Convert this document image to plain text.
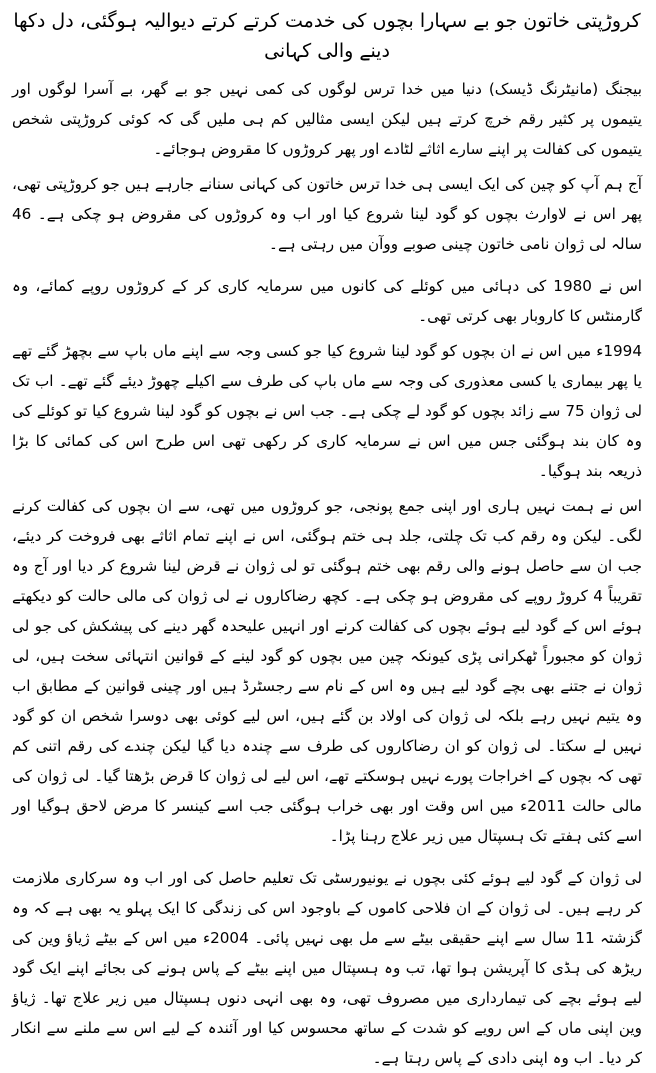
کروڑپتی خاتون جو بے سہارا بچوں کی خدمت کرتے کرتے دیوالیہ ہوگئی، دل دکھا دینے والی کہانی

بیجنگ (مانیٹرنگ ڈیسک) دنیا میں خدا ترس لوگوں کی کمی نہیں جو بے گھر، بے آسرا لوگوں اور یتیموں پر کثیر رقم خرچ کرتے ہیں لیکن ایسی مثالیں کم ہی ملیں گی کہ کوئی کروڑپتی شخص یتیموں کی کفالت پر اپنے سارے اثاثے لٹادے اور پھر کروڑوں کا مقروض ہوجائے۔

آج ہم آپ کو چین کی ایک ایسی ہی خدا ترس خاتون کی کہانی سنانے جارہے ہیں جو کروڑپتی تھی، پھر اس نے لاوارث بچوں کو گود لینا شروع کیا اور اب وہ کروڑوں کی مقروض ہو چکی ہے۔ 46 سالہ لی ژوان نامی خاتون چینی صوبے ووآن میں رہتی ہے۔

اس نے 1980 کی دہائی میں کوئلے کی کانوں میں سرمایہ کاری کر کے کروڑوں روپے کمائے، وہ گارمنٹس کا کاروبار بھی کرتی تھی۔

1994ء میں اس نے ان بچوں کو گود لینا شروع کیا جو کسی وجہ سے اپنے ماں باپ سے بچھڑ گئے تھے یا پھر بیماری یا کسی معذوری کی وجہ سے ماں باپ کی طرف سے اکیلے چھوڑ دیئے گئے تھے۔ اب تک لی ژوان 75 سے زائد بچوں کو گود لے چکی ہے۔ جب اس نے بچوں کو گود لینا شروع کیا تو کوئلے کی وہ کان بند ہوگئی جس میں اس نے سرمایہ کاری کر رکھی تھی اس طرح اس کی کمائی کا بڑا ذریعہ بند ہوگیا۔

اس نے ہمت نہیں ہاری اور اپنی جمع پونجی، جو کروڑوں میں تھی، سے ان بچوں کی کفالت کرنے لگی۔ لیکن وہ رقم کب تک چلتی، جلد ہی ختم ہوگئی، اس نے اپنے تمام اثاثے بھی فروخت کر دیئے، جب ان سے حاصل ہونے والی رقم بھی ختم ہوگئی تو لی ژوان نے قرض لینا شروع کر دیا اور آج وہ تقریباً 4 کروڑ روپے کی مقروض ہو چکی ہے۔ کچھ رضاکاروں نے لی ژوان کی مالی حالت کو دیکھتے ہوئے اس کے گود لیے ہوئے بچوں کی کفالت کرنے اور انہیں علیحدہ گھر دینے کی پیشکش کی جو لی ژوان کو مجبوراً ٹھکرانی پڑی کیونکہ چین میں بچوں کو گود لینے کے قوانین انتہائی سخت ہیں، لی ژوان نے جتنے بھی بچے گود لیے ہیں وہ اس کے نام سے رجسٹرڈ ہیں اور چینی قوانین کے مطابق اب وہ یتیم نہیں رہے بلکہ لی ژوان کی اولاد بن گئے ہیں، اس لیے کوئی بھی دوسرا شخص ان کو گود نہیں لے سکتا۔ لی ژوان کو ان رضاکاروں کی طرف سے چندہ دیا گیا لیکن چندے کی رقم اتنی کم تھی کہ بچوں کے اخراجات پورے نہیں ہوسکتے تھے، اس لیے لی ژوان کا قرض بڑھتا گیا۔ لی ژوان کی مالی حالت 2011ء میں اس وقت اور بھی خراب ہوگئی جب اسے کینسر کا مرض لاحق ہوگیا اور اسے کئی ہفتے تک ہسپتال میں زیر علاج رہنا پڑا۔

لی ژوان کے گود لیے ہوئے کئی بچوں نے یونیورسٹی تک تعلیم حاصل کی اور اب وہ سرکاری ملازمت کر رہے ہیں۔ لی ژوان کے ان فلاحی کاموں کے باوجود اس کی زندگی کا ایک پہلو یہ بھی ہے کہ وہ گزشتہ 11 سال سے اپنے حقیقی بیٹے سے مل بھی نہیں پائی۔ 2004ء میں اس کے بیٹے ژیاؤ وین کی ریڑھ کی ہڈی کا آپریشن ہوا تھا، تب وہ ہسپتال میں اپنے بیٹے کے پاس ہونے کی بجائے اپنے ایک گود لیے ہوئے بچے کی تیمارداری میں مصروف تھی، وہ بھی انہی دنوں ہسپتال میں زیر علاج تھا۔ ژیاؤ وین اپنی ماں کے اس رویے کو شدت کے ساتھ محسوس کیا اور آئندہ کے لیے اس سے ملنے سے انکار کر دیا۔ اب وہ اپنی دادی کے پاس رہتا ہے۔
